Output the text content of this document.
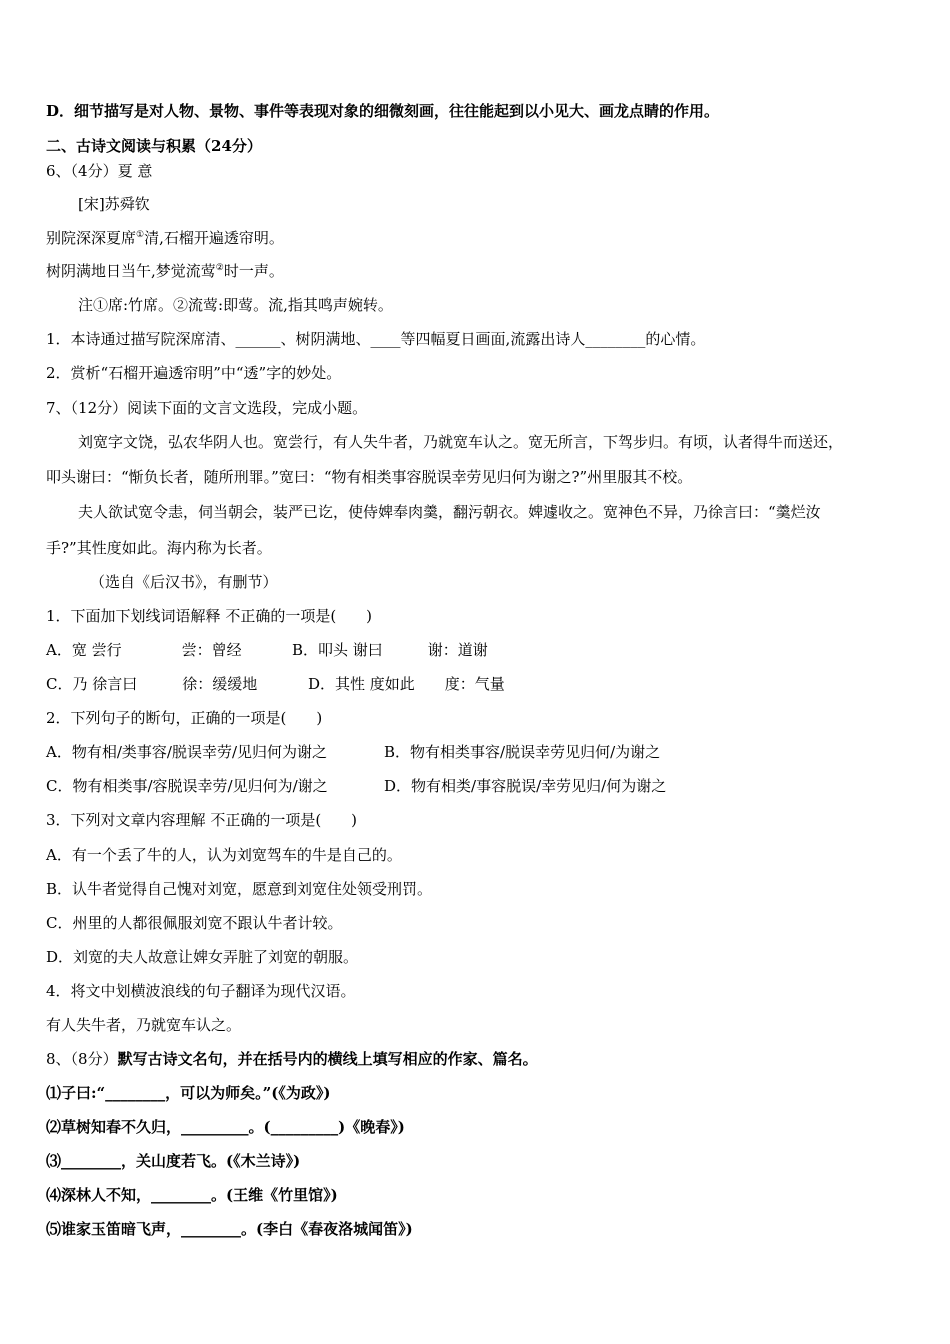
D．细节描写是对人物、景物、事件等表现对象的细微刻画，往往能起到以小见大、画龙点睛的作用。
二、古诗文阅读与积累（24分）
6、（4分）夏 意
[宋]苏舜钦
别院深深夏席①清,石榴开遍透帘明。
树阴满地日当午,梦觉流莺②时一声。
注①席:竹席。②流莺:即莺。流,指其鸣声婉转。
1．本诗通过描写院深席清、______、树阴满地、____等四幅夏日画面,流露出诗人________的心情。
2．赏析“石榴开遍透帘明”中“透”字的妙处。
7、（12分）阅读下面的文言文选段，完成小题。
刘宽字文饶，弘农华阴人也。宽尝行，有人失牛者，乃就宽车认之。宽无所言，下驾步归。有顷，认者得牛而送还，
叩头谢曰：“惭负长者，随所刑罪。”宽曰：“物有相类事容脱误幸劳见归何为谢之?”州里服其不校。
夫人欲试宽令恚，伺当朝会，装严已讫，使侍婢奉肉羹，翻污朝衣。婢遽收之。宽神色不异，乃徐言曰：“羹烂汝
手?”其性度如此。海内称为长者。
（选自《后汉书》，有删节）
1．下面加下划线词语解释 不正确的一项是(　　)
A．宽 尝行　　　　尝：曾经	B．叩头 谢曰　　　谢：道谢
C．乃 徐言曰　　　徐：缓缓地	D．其性 度如此　　度：气量
2．下列句子的断句，正确的一项是(　　)
A．物有相/类事容/脱误幸劳/见归何为谢之	B．物有相类事容/脱误幸劳见归何/为谢之
C．物有相类事/容脱误幸劳/见归何为/谢之	D．物有相类/事容脱误/幸劳见归/何为谢之
3．下列对文章内容理解 不正确的一项是(　　)
A．有一个丢了牛的人，认为刘宽驾车的牛是自己的。
B．认牛者觉得自己愧对刘宽，愿意到刘宽住处领受刑罚。
C．州里的人都很佩服刘宽不跟认牛者计较。
D．刘宽的夫人故意让婢女弄脏了刘宽的朝服。
4．将文中划横波浪线的句子翻译为现代汉语。
有人失牛者，乃就宽车认之。
8、（8分）默写古诗文名句，并在括号内的横线上填写相应的作家、篇名。
⑴子曰:“________，可以为师矣。”(《为政》)
⑵草树知春不久归，_________。(_________)《晚春》)
⑶________，关山度若飞。(《木兰诗》)
⑷深林人不知，________。(王维《竹里馆》)
⑸谁家玉笛暗飞声，________。(李白《春夜洛城闻笛》)
